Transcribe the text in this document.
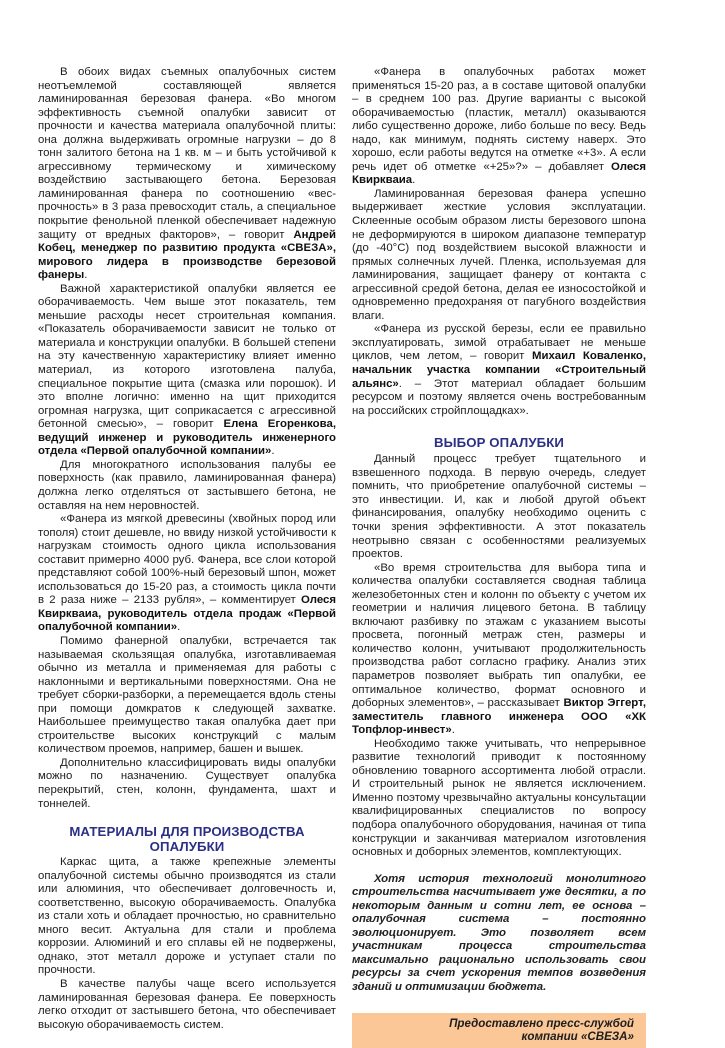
В обоих видах съемных опалубочных систем неотъемлемой составляющей является ламинированная березовая фанера. «Во многом эффективность съемной опалубки зависит от прочности и качества материала опалубочной плиты: она должна выдерживать огромные нагрузки – до 8 тонн залитого бетона на 1 кв. м – и быть устойчивой к агрессивному термическому и химическому воздействию застывающего бетона. Березовая ламинированная фанера по соотношению «вес-прочность» в 3 раза превосходит сталь, а специальное покрытие фенольной пленкой обеспечивает надежную защиту от вредных факторов», – говорит Андрей Кобец, менеджер по развитию продукта «СВЕЗА», мирового лидера в производстве березовой фанеры.

Важной характеристикой опалубки является ее оборачиваемость. Чем выше этот показатель, тем меньшие расходы несет строительная компания. «Показатель оборачиваемости зависит не только от материала и конструкции опалубки. В большей степени на эту качественную характеристику влияет именно материал, из которого изготовлена палуба, специальное покрытие щита (смазка или порошок). И это вполне логично: именно на щит приходится огромная нагрузка, щит соприкасается с агрессивной бетонной смесью», – говорит Елена Егоренкова, ведущий инженер и руководитель инженерного отдела «Первой опалубочной компании».

Для многократного использования палубы ее поверхность (как правило, ламинированная фанера) должна легко отделяться от застывшего бетона, не оставляя на нем неровностей.

«Фанера из мягкой древесины (хвойных пород или тополя) стоит дешевле, но ввиду низкой устойчивости к нагрузкам стоимость одного цикла использования составит примерно 4000 руб. Фанера, все слои которой представляют собой 100%-ный березовый шпон, может использоваться до 15-20 раз, а стоимость цикла почти в 2 раза ниже – 2133 рубля», – комментирует Олеся Квиркваиа, руководитель отдела продаж «Первой опалубочной компании».

Помимо фанерной опалубки, встречается так называемая скользящая опалубка, изготавливаемая обычно из металла и применяемая для работы с наклонными и вертикальными поверхностями. Она не требует сборки-разборки, а перемещается вдоль стены при помощи домкратов к следующей захватке. Наибольшее преимущество такая опалубка дает при строительстве высоких конструкций с малым количеством проемов, например, башен и вышек.

Дополнительно классифицировать виды опалубки можно по назначению. Существует опалубка перекрытий, стен, колонн, фундамента, шахт и тоннелей.

МАТЕРИАЛЫ ДЛЯ ПРОИЗВОДСТВА ОПАЛУБКИ

Каркас щита, а также крепежные элементы опалубочной системы обычно производятся из стали или алюминия, что обеспечивает долговечность и, соответственно, высокую оборачиваемость. Опалубка из стали хоть и обладает прочностью, но сравнительно много весит. Актуальна для стали и проблема коррозии. Алюминий и его сплавы ей не подвержены, однако, этот металл дороже и уступает стали по прочности.

В качестве палубы чаще всего используется ламинированная березовая фанера. Ее поверхность легко отходит от застывшего бетона, что обеспечивает высокую оборачиваемость систем.

«Фанера в опалубочных работах может применяться 15-20 раз, а в составе щитовой опалубки – в среднем 100 раз. Другие варианты с высокой оборачиваемостью (пластик, металл) оказываются либо существенно дороже, либо больше по весу. Ведь надо, как минимум, поднять систему наверх. Это хорошо, если работы ведутся на отметке «+3». А если речь идет об отметке «+25»?» – добавляет Олеся Квиркваиа.

Ламинированная березовая фанера успешно выдерживает жесткие условия эксплуатации. Склеенные особым образом листы березового шпона не деформируются в широком диапазоне температур (до -40°С) под воздействием высокой влажности и прямых солнечных лучей. Пленка, используемая для ламинирования, защищает фанеру от контакта с агрессивной средой бетона, делая ее износостойкой и одновременно предохраняя от пагубного воздействия влаги.

«Фанера из русской березы, если ее правильно эксплуатировать, зимой отрабатывает не меньше циклов, чем летом, – говорит Михаил Коваленко, начальник участка компании «Строительный альянс». – Этот материал обладает большим ресурсом и поэтому является очень востребованным на российских стройплощадках».

ВЫБОР ОПАЛУБКИ

Данный процесс требует тщательного и взвешенного подхода. В первую очередь, следует помнить, что приобретение опалубочной системы – это инвестиции. И, как и любой другой объект финансирования, опалубку необходимо оценить с точки зрения эффективности. А этот показатель неотрывно связан с особенностями реализуемых проектов.

«Во время строительства для выбора типа и количества опалубки составляется сводная таблица железобетонных стен и колонн по объекту с учетом их геометрии и наличия лицевого бетона. В таблицу включают разбивку по этажам с указанием высоты просвета, погонный метраж стен, размеры и количество колонн, учитывают продолжительность производства работ согласно графику. Анализ этих параметров позволяет выбрать тип опалубки, ее оптимальное количество, формат основного и доборных элементов», – рассказывает Виктор Эггерт, заместитель главного инженера ООО «ХК Топфлор-инвест».

Необходимо также учитывать, что непрерывное развитие технологий приводит к постоянному обновлению товарного ассортимента любой отрасли. И строительный рынок не является исключением. Именно поэтому чрезвычайно актуальны консультации квалифицированных специалистов по вопросу подбора опалубочного оборудования, начиная от типа конструкции и заканчивая материалом изготовления основных и доборных элементов, комплектующих.

Хотя история технологий монолитного строительства насчитывает уже десятки, а по некоторым данным и сотни лет, ее основа – опалубочная система – постоянно эволюционирует. Это позволяет всем участникам процесса строительства максимально рационально использовать свои ресурсы за счет ускорения темпов возведения зданий и оптимизации бюджета.

Предоставлено пресс-службой
компании «СВЕЗА»
